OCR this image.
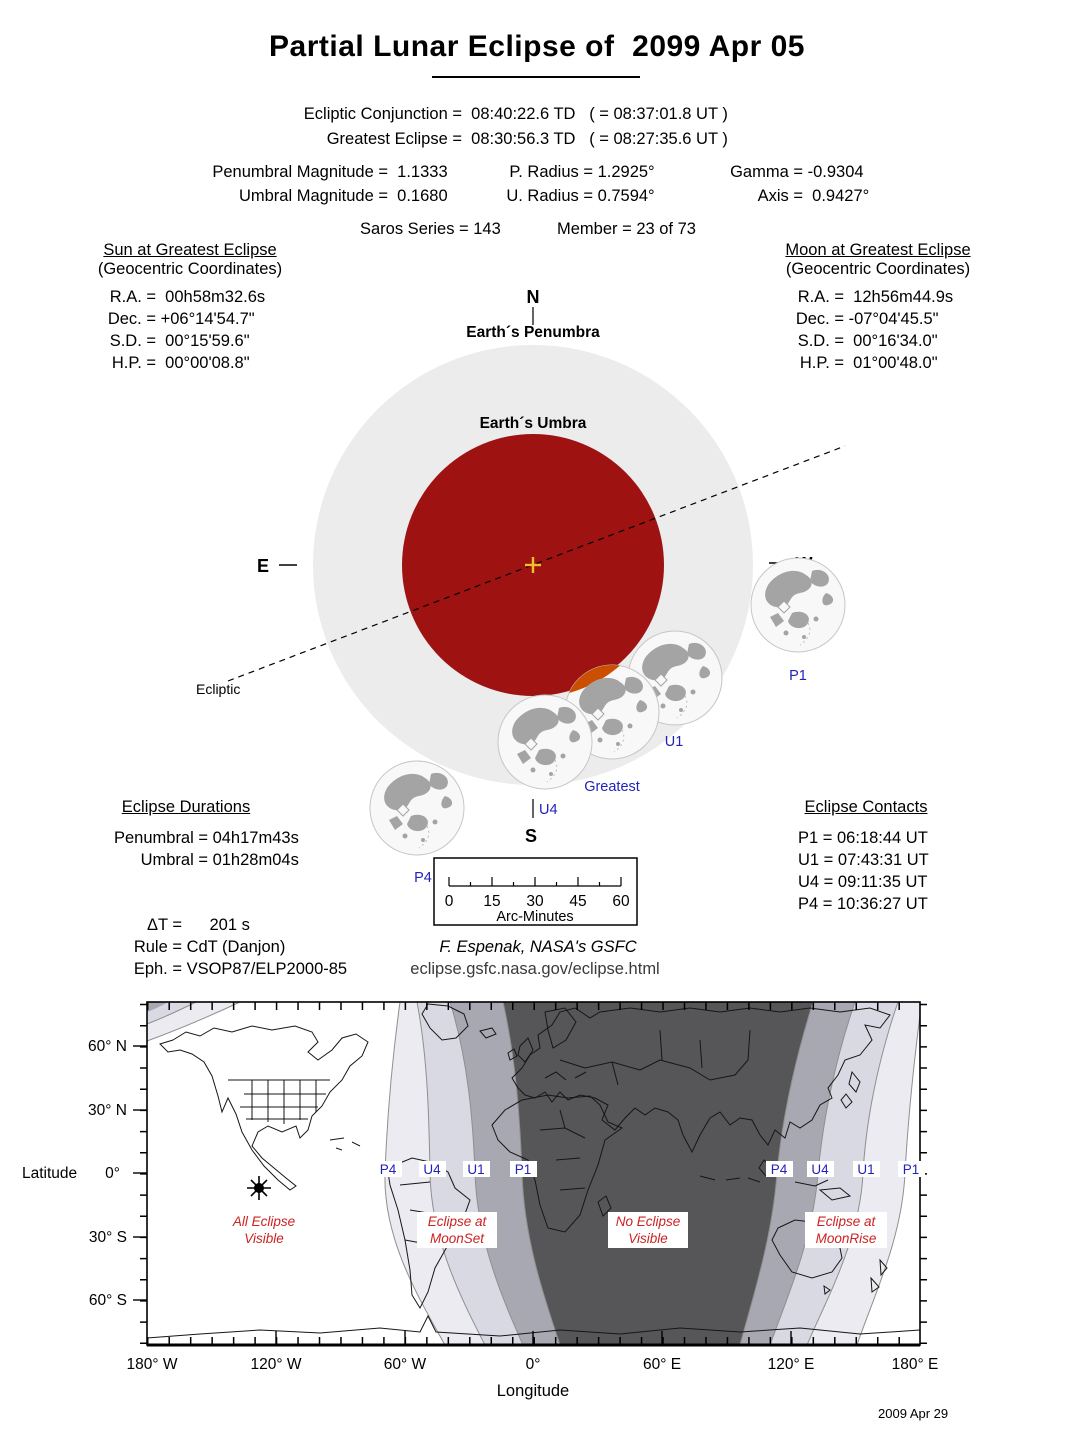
Partial Lunar Eclipse of  2099 Apr 05
Ecliptic Conjunction = 08:40:22.6 TD   ( = 08:37:01.8 UT )
Greatest Eclipse = 08:30:56.3 TD   ( = 08:27:35.6 UT )
Penumbral Magnitude = 1.1333	P. Radius = 1.2925°	Gamma = -0.9304
Umbral Magnitude = 0.1680	U. Radius = 0.7594°	Axis = 0.9427°
Saros Series = 143	Member = 23 of 73
Sun at Greatest Eclipse
(Geocentric Coordinates)
R.A. = 00h58m32.6s
Dec. = +06°14'54.7"
S.D. = 00°15'59.6"
H.P. = 00°00'08.8"
Moon at Greatest Eclipse
(Geocentric Coordinates)
R.A. = 12h56m44.9s
Dec. = -07°04'45.5"
S.D. = 00°16'34.0"
H.P. = 01°00'48.0"
Ecliptic
N
Earth´s Penumbra
Earth´s Umbra
E
P1
U1
Greatest
U4
P4
S
0 15 30 45 60
Arc-Minutes
Eclipse Durations
Penumbral = 04h17m43s
Umbral = 01h28m04s
Eclipse Contacts
P1 = 06:18:44 UT
U1 = 07:43:31 UT
U4 = 09:11:35 UT
P4 = 10:36:27 UT
ΔT = 201 s
Rule = CdT (Danjon)
Eph. = VSOP87/ELP2000-85
F. Espenak, NASA's GSFC
eclipse.gsfc.nasa.gov/eclipse.html
P4 U4 U1 P1	P4 U4 U1 P1
All Eclipse
Visible
Eclipse at
MoonSet
No Eclipse
Visible
Eclipse at
MoonRise
60° N
30° N
0°
30° S
60° S
Latitude
180° W	120° W	60° W	0°	60° E	120° E	180° E
Longitude
2009 Apr 29
